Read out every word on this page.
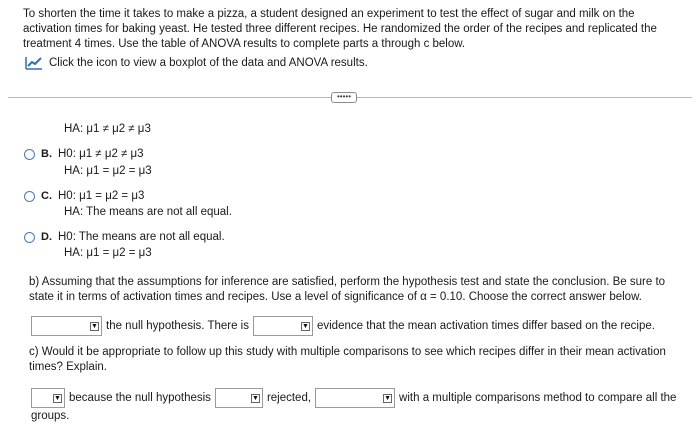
To shorten the time it takes to make a pizza, a student designed an experiment to test the effect of sugar and milk on the activation times for baking yeast. He tested three different recipes. He randomized the order of the recipes and replicated the treatment 4 times. Use the table of ANOVA results to complete parts a through c below.
Click the icon to view a boxplot of the data and ANOVA results.
•••••
HA: μ1 ≠ μ2 ≠ μ3
B. H0: μ1 ≠ μ2 ≠ μ3
HA: μ1 = μ2 = μ3
C. H0: μ1 = μ2 = μ3
HA: The means are not all equal.
D. H0: The means are not all equal.
HA: μ1 = μ2 = μ3
b) Assuming that the assumptions for inference are satisfied, perform the hypothesis test and state the conclusion. Be sure to state it in terms of activation times and recipes. Use a level of significance of α = 0.10. Choose the correct answer below.
▼ the null hypothesis. There is	▼ evidence that the mean activation times differ based on the recipe.
c) Would it be appropriate to follow up this study with multiple comparisons to see which recipes differ in their mean activation times? Explain.
▼ because the null hypothesis	▼ rejected,	▼ with a multiple comparisons method to compare all the
groups.
